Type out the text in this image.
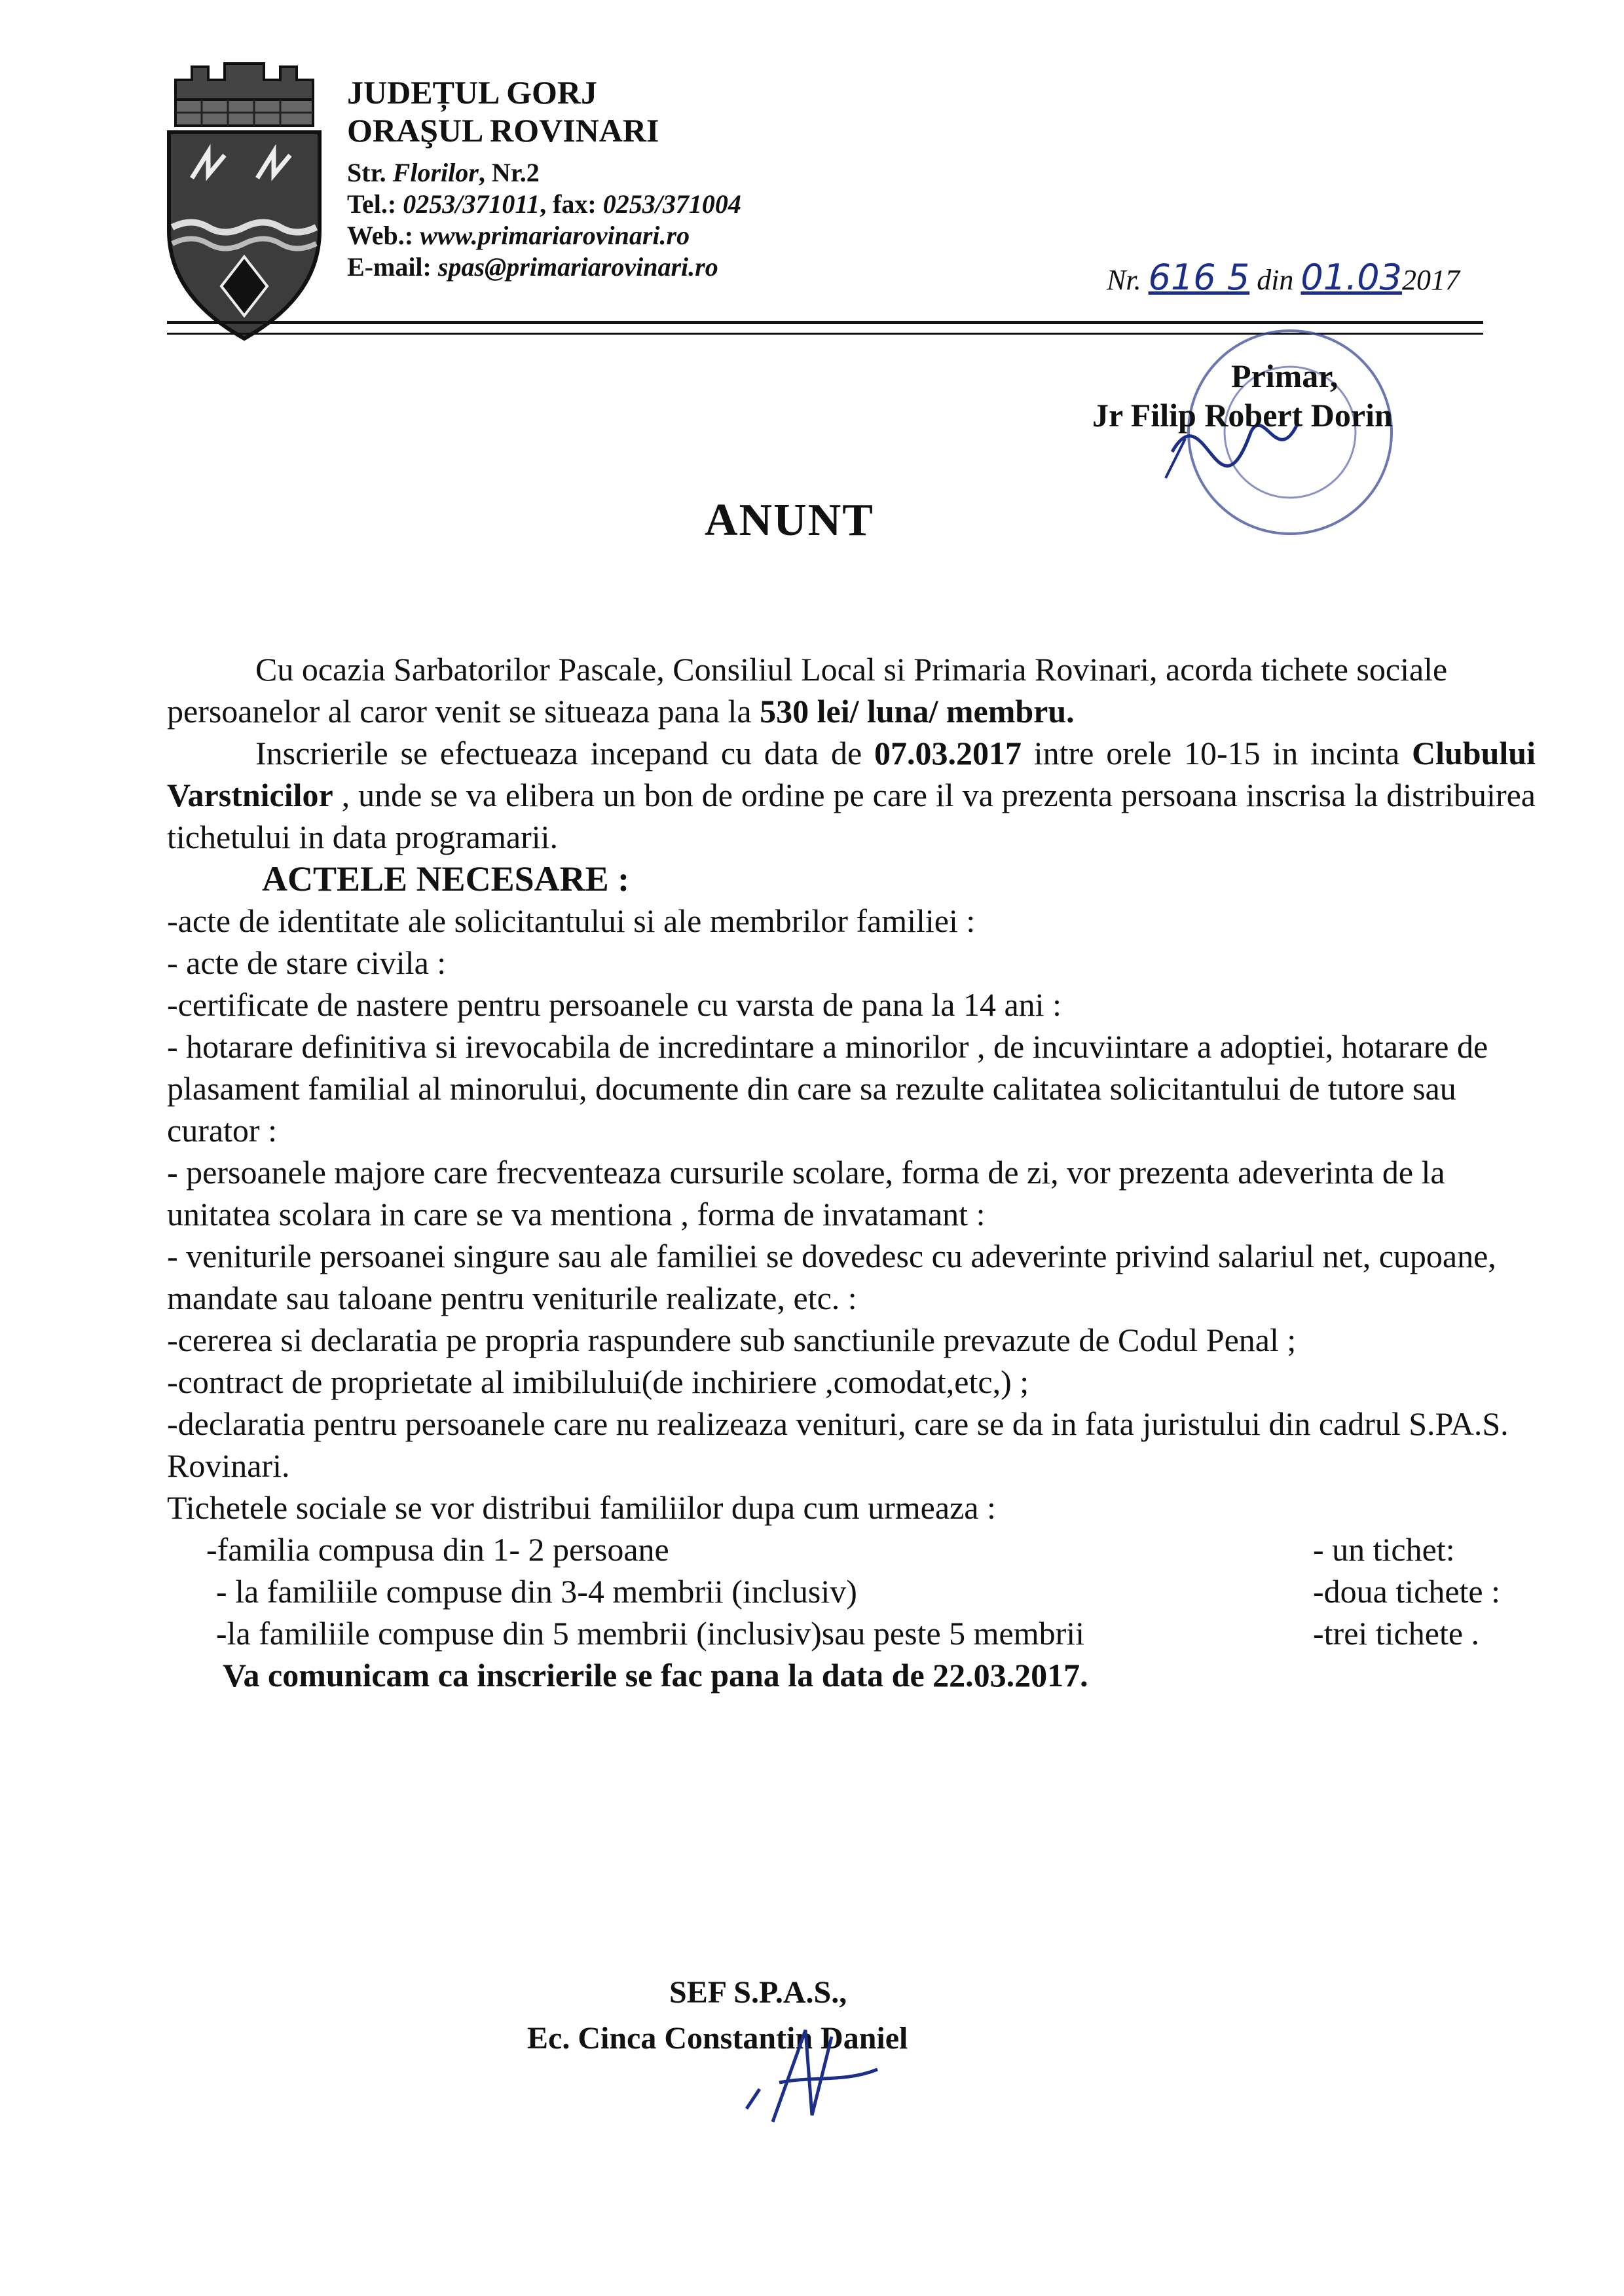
JUDEȚUL GORJ
ORAŞUL ROVINARI
Str. Florilor, Nr.2
Tel.: 0253/371011, fax: 0253/371004
Web.: www.primariarovinari.ro
E-mail: spas@primariarovinari.ro	Nr. 616 5 din 01.032017
Primar,
Jr Filip Robert Dorin
ANUNT

Cu ocazia Sarbatorilor Pascale, Consiliul Local si Primaria Rovinari, acorda tichete sociale persoanelor al caror venit se situeaza pana la 530 lei/ luna/ membru.

Inscrierile se efectueaza incepand cu data de 07.03.2017 intre orele 10-15 in incinta Clubului Varstnicilor , unde se va elibera un bon de ordine pe care il va prezenta persoana inscrisa la distribuirea tichetului in data programarii.

ACTELE NECESARE :

-acte de identitate ale solicitantului si ale membrilor familiei :

- acte de stare civila :

-certificate de nastere pentru persoanele cu varsta de pana la 14 ani :

- hotarare definitiva si irevocabila de incredintare a minorilor , de incuviintare a adoptiei, hotarare de plasament familial al minorului, documente din care sa rezulte calitatea solicitantului de tutore sau curator :

- persoanele majore care frecventeaza cursurile scolare, forma de zi, vor prezenta adeverinta de la unitatea scolara in care se va mentiona , forma de invatamant :

- veniturile persoanei singure sau ale familiei se dovedesc cu adeverinte privind salariul net, cupoane, mandate sau taloane pentru veniturile realizate, etc. :

-cererea si declaratia pe propria raspundere sub sanctiunile prevazute de Codul Penal ;

-contract de proprietate al imibilului(de inchiriere ,comodat,etc,) ;

-declaratia pentru persoanele care nu realizeaza venituri, care se da in fata juristului din cadrul S.PA.S. Rovinari.

Tichetele sociale se vor distribui familiilor dupa cum urmeaza :

-familia compusa din 1- 2 persoane	- un tichet:
- la familiile compuse din 3-4 membrii (inclusiv)	-doua tichete :
-la familiile compuse din 5 membrii (inclusiv)sau peste 5 membrii	-trei tichete .

Va comunicam ca inscrierile se fac pana la data de 22.03.2017.

SEF S.P.A.S.,
Ec. Cinca Constantin Daniel
